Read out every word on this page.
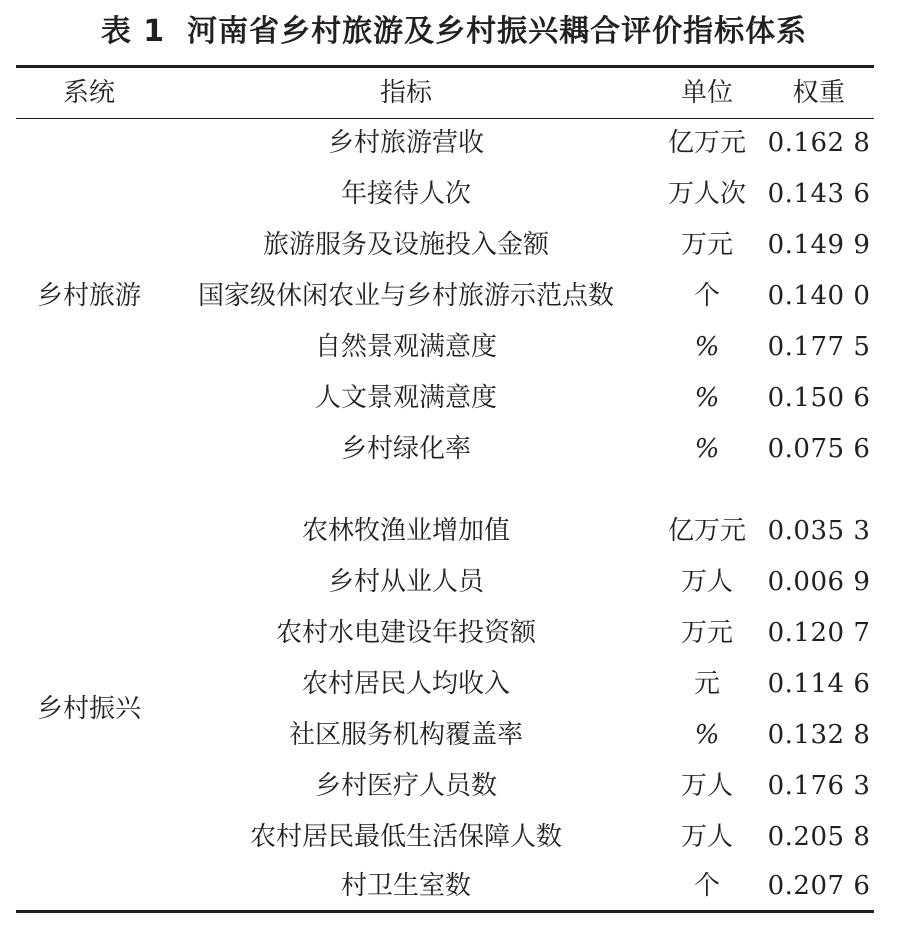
表 1 河南省乡村旅游及乡村振兴耦合评价指标体系
系统	指标	单位	权重
乡村旅游
乡村旅游营收	亿万元 0.162 8
年接待人次	万人次 0.143 6
旅游服务及设施投入金额	万元	0.149 9
国家级休闲农业与乡村旅游示范点数	个	0.140 0
自然景观满意度	%	0.177 5
人文景观满意度	%	0.150 6
乡村绿化率	%	0.075 6
乡村振兴
农林牧渔业增加值	亿万元 0.035 3
乡村从业人员	万人	0.006 9
农村水电建设年投资额	万元	0.120 7
农村居民人均收入	元	0.114 6
社区服务机构覆盖率	%	0.132 8
乡村医疗人员数	万人	0.176 3
农村居民最低生活保障人数	万人	0.205 8
村卫生室数	个	0.207 6
